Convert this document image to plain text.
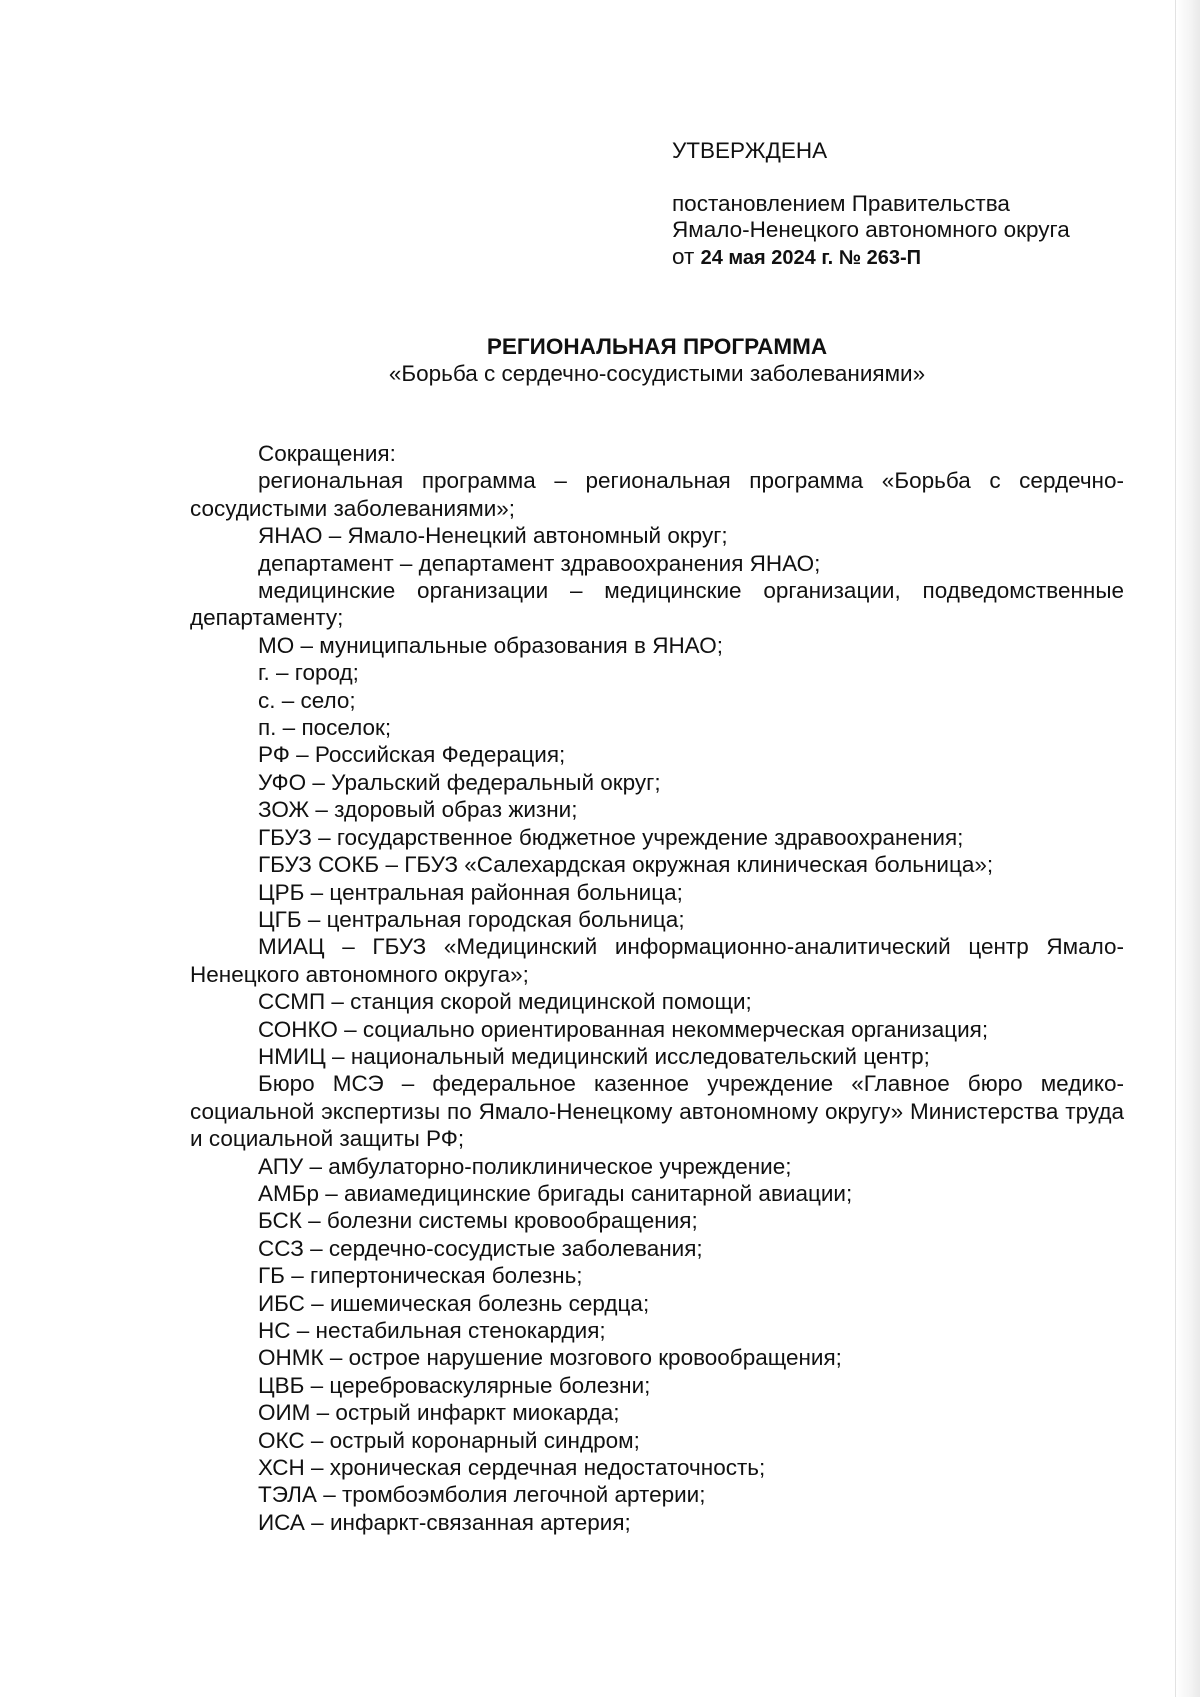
УТВЕРЖДЕНА
постановлением Правительства
Ямало-Ненецкого автономного округа
от 24 мая 2024 г. № 263-П
РЕГИОНАЛЬНАЯ ПРОГРАММА
«Борьба с сердечно-сосудистыми заболеваниями»

Сокращения:

региональная программа – региональная программа «Борьба с сердечно-сосудистыми заболеваниями»;

ЯНАО – Ямало-Ненецкий автономный округ;

департамент – департамент здравоохранения ЯНАО;

медицинские организации – медицинские организации, подведомственные департаменту;

МО – муниципальные образования в ЯНАО;

г. – город;

с. – село;

п. – поселок;

РФ – Российская Федерация;

УФО – Уральский федеральный округ;

ЗОЖ – здоровый образ жизни;

ГБУЗ – государственное бюджетное учреждение здравоохранения;

ГБУЗ СОКБ – ГБУЗ «Салехардская окружная клиническая больница»;

ЦРБ – центральная районная больница;

ЦГБ – центральная городская больница;

МИАЦ – ГБУЗ «Медицинский информационно-аналитический центр Ямало-Ненецкого автономного округа»;

ССМП – станция скорой медицинской помощи;

СОНКО – социально ориентированная некоммерческая организация;

НМИЦ – национальный медицинский исследовательский центр;

Бюро МСЭ – федеральное казенное учреждение «Главное бюро медико-социальной экспертизы по Ямало-Ненецкому автономному округу» Министерства труда и социальной защиты РФ;

АПУ – амбулаторно-поликлиническое учреждение;

АМБр – авиамедицинские бригады санитарной авиации;

БСК – болезни системы кровообращения;

ССЗ – сердечно-сосудистые заболевания;

ГБ – гипертоническая болезнь;

ИБС – ишемическая болезнь сердца;

НС – нестабильная стенокардия;

ОНМК – острое нарушение мозгового кровообращения;

ЦВБ – цереброваскулярные болезни;

ОИМ – острый инфаркт миокарда;

ОКС – острый коронарный синдром;

ХСН – хроническая сердечная недостаточность;

ТЭЛА – тромбоэмболия легочной артерии;

ИСА – инфаркт-связанная артерия;
